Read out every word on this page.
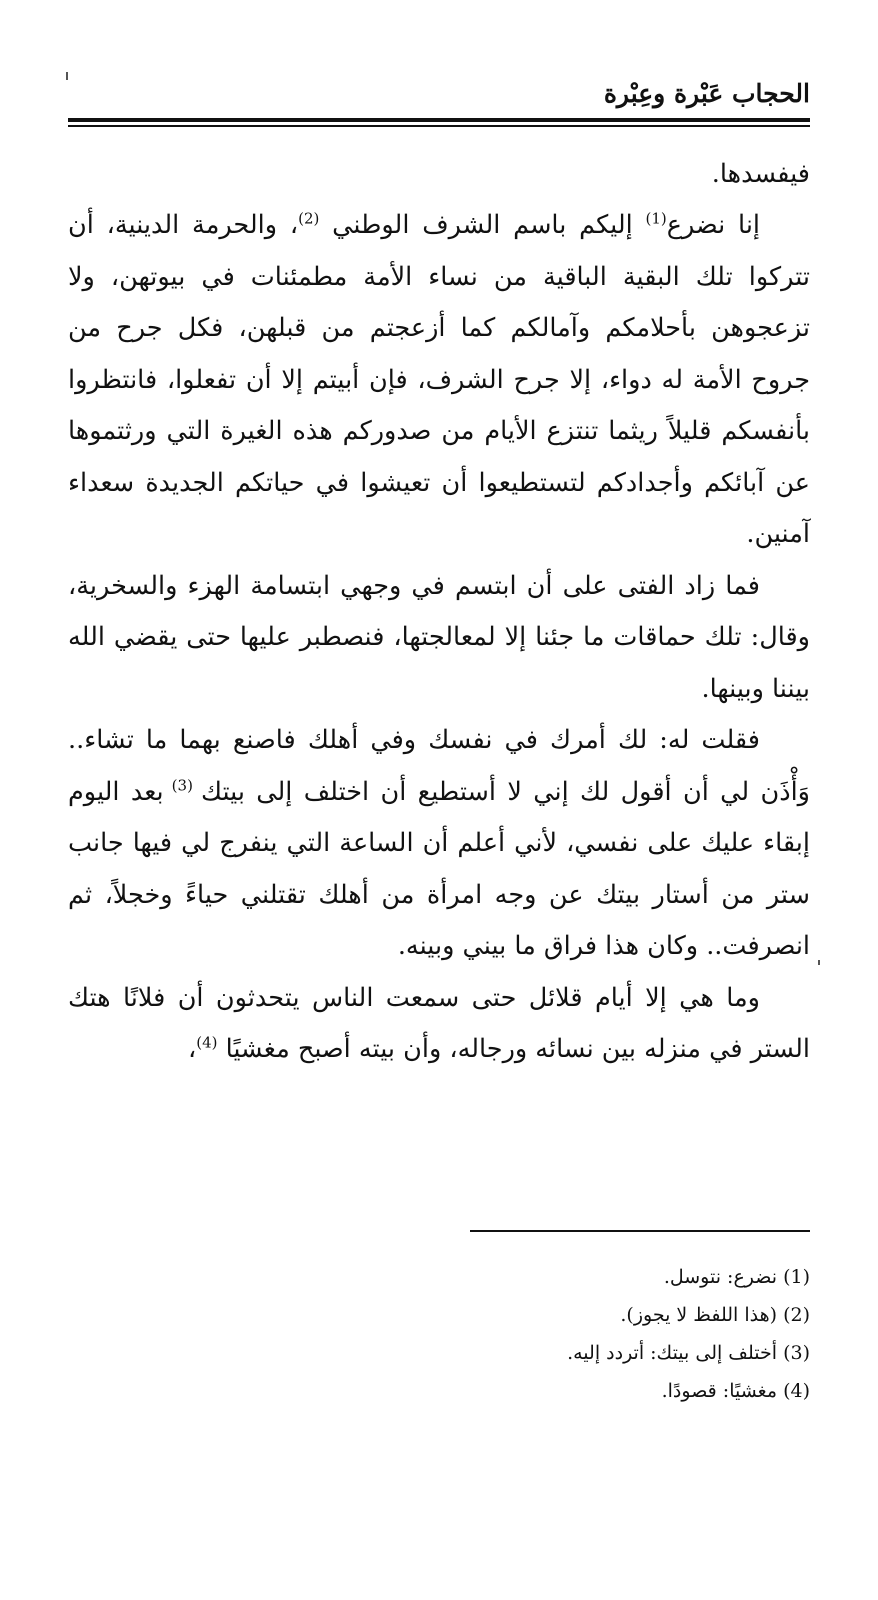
الحجاب عَبْرة وعِبْرة

فيفسدها.

إنا نضرع$^{(1)}$ إليكم باسم الشرف الوطني $^{(2)}$، والحرمة الدينية، أن تتركوا تلك البقية الباقية من نساء الأمة مطمئنات في بيوتهن، ولا تزعجوهن بأحلامكم وآمالكم كما أزعجتم من قبلهن، فكل جرح من جروح الأمة له دواء، إلا جرح الشرف، فإن أبيتم إلا أن تفعلوا، فانتظروا بأنفسكم قليلاً ريثما تنتزع الأيام من صدوركم هذه الغيرة التي ورثتموها عن آبائكم وأجدادكم لتستطيعوا أن تعيشوا في حياتكم الجديدة سعداء آمنين.

فما زاد الفتى على أن ابتسم في وجهي ابتسامة الهزء والسخرية، وقال: تلك حماقات ما جئنا إلا لمعالجتها، فنصطبر عليها حتى يقضي الله بيننا وبينها.

فقلت له: لك أمرك في نفسك وفي أهلك فاصنع بهما ما تشاء.. وَأْذَن لي أن أقول لك إني لا أستطيع أن اختلف إلى بيتك $^{(3)}$ بعد اليوم إبقاء عليك على نفسي، لأني أعلم أن الساعة التي ينفرج لي فيها جانب ستر من أستار بيتك عن وجه امرأة من أهلك تقتلني حياءً وخجلاً، ثم انصرفت.. وكان هذا فراق ما بيني وبينه.

وما هي إلا أيام قلائل حتى سمعت الناس يتحدثون أن فلانًا هتك الستر في منزله بين نسائه ورجاله، وأن بيته أصبح مغشيًا $^{(4)}$،

(1) نضرع: نتوسل.
(2) (هذا اللفظ لا يجوز).
(3) أختلف إلى بيتك: أتردد إليه.
(4) مغشيًا: قصودًا.
